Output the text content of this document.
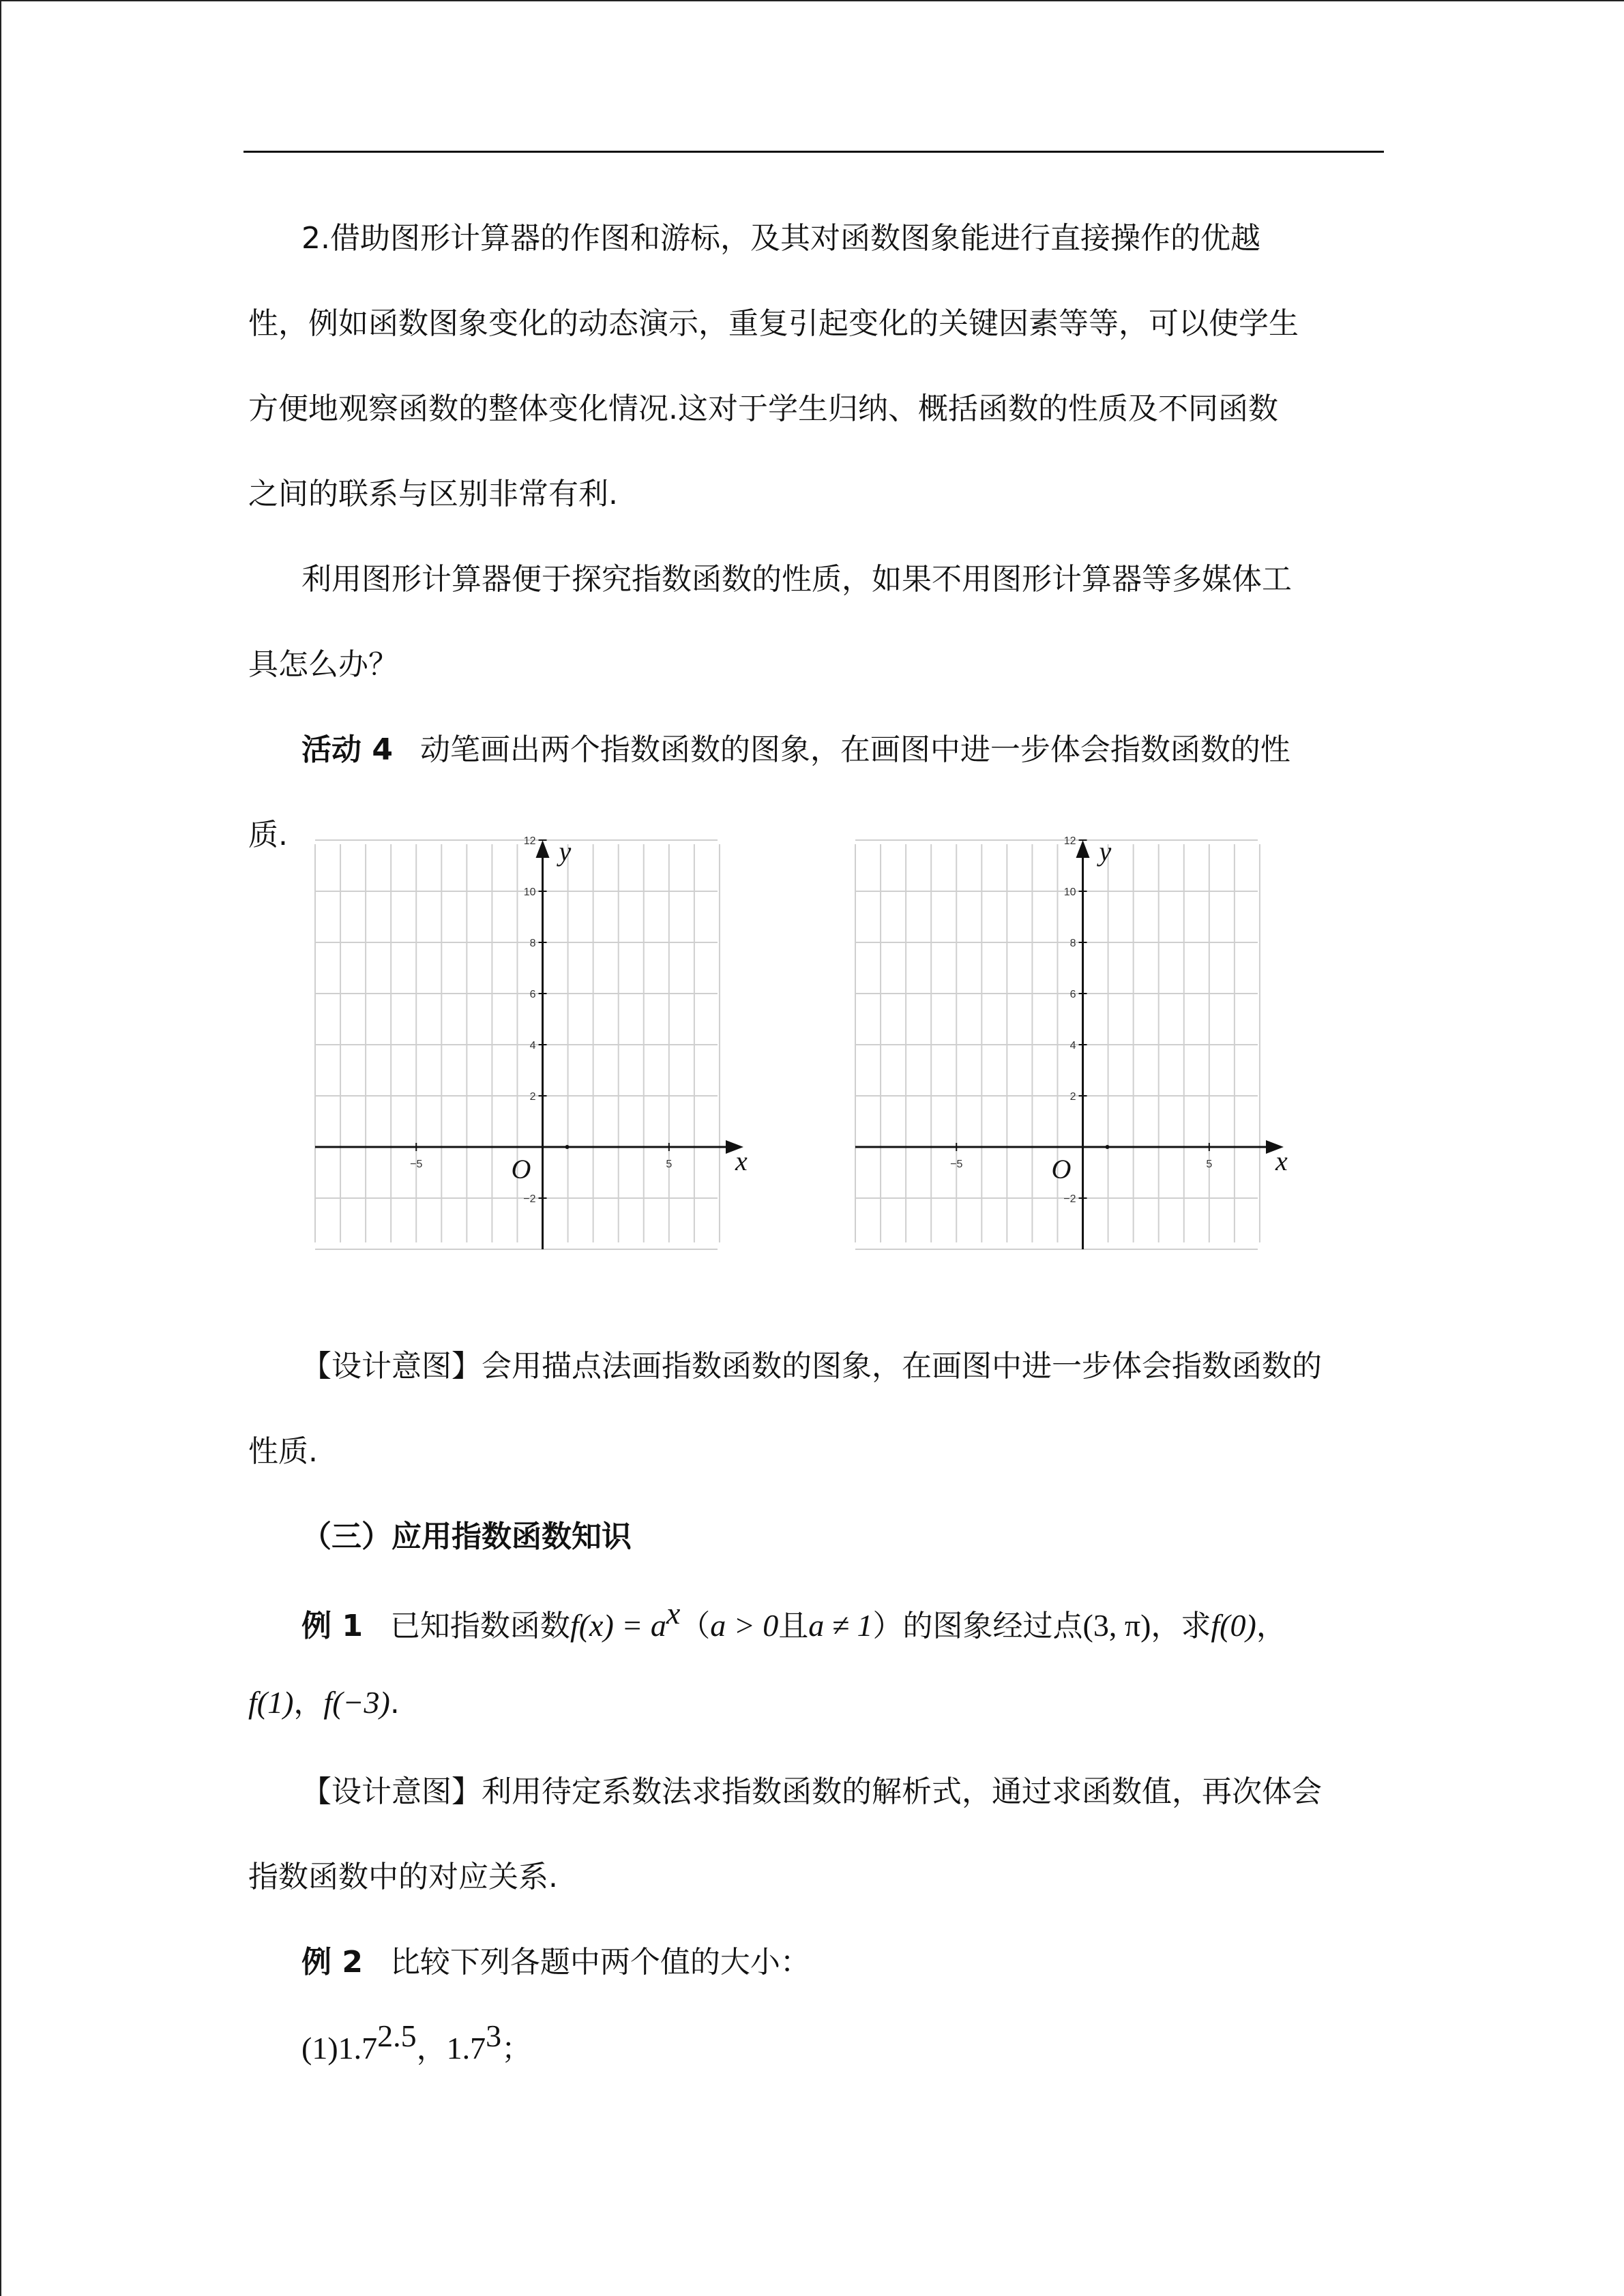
2.借助图形计算器的作图和游标，及其对函数图象能进行直接操作的优越
性，例如函数图象变化的动态演示，重复引起变化的关键因素等等，可以使学生
方便地观察函数的整体变化情况.这对于学生归纳、概括函数的性质及不同函数
之间的联系与区别非常有利.
利用图形计算器便于探究指数函数的性质，如果不用图形计算器等多媒体工
具怎么办？
活动 4 动笔画出两个指数函数的图象，在画图中进一步体会指数函数的性
质.
−5	5
12
10
8
6
4
2
−2
x
y
O	−5	5
12
10
8
6
4
2
−2
x
y
O
【设计意图】会用描点法画指数函数的图象，在画图中进一步体会指数函数的
性质.
（三）应用指数函数知识
例 1 已知指数函数$f(x) = a^x(a > 0$且a ≠ 1）的图象经过点(3, π)，求f(0)，
f(1)，f(−3).
【设计意图】利用待定系数法求指数函数的解析式，通过求函数值，再次体会
指数函数中的对应关系.
例 2 比较下列各题中两个值的大小：
$(1)1.7^{2.5}$，$1.7^3$；
